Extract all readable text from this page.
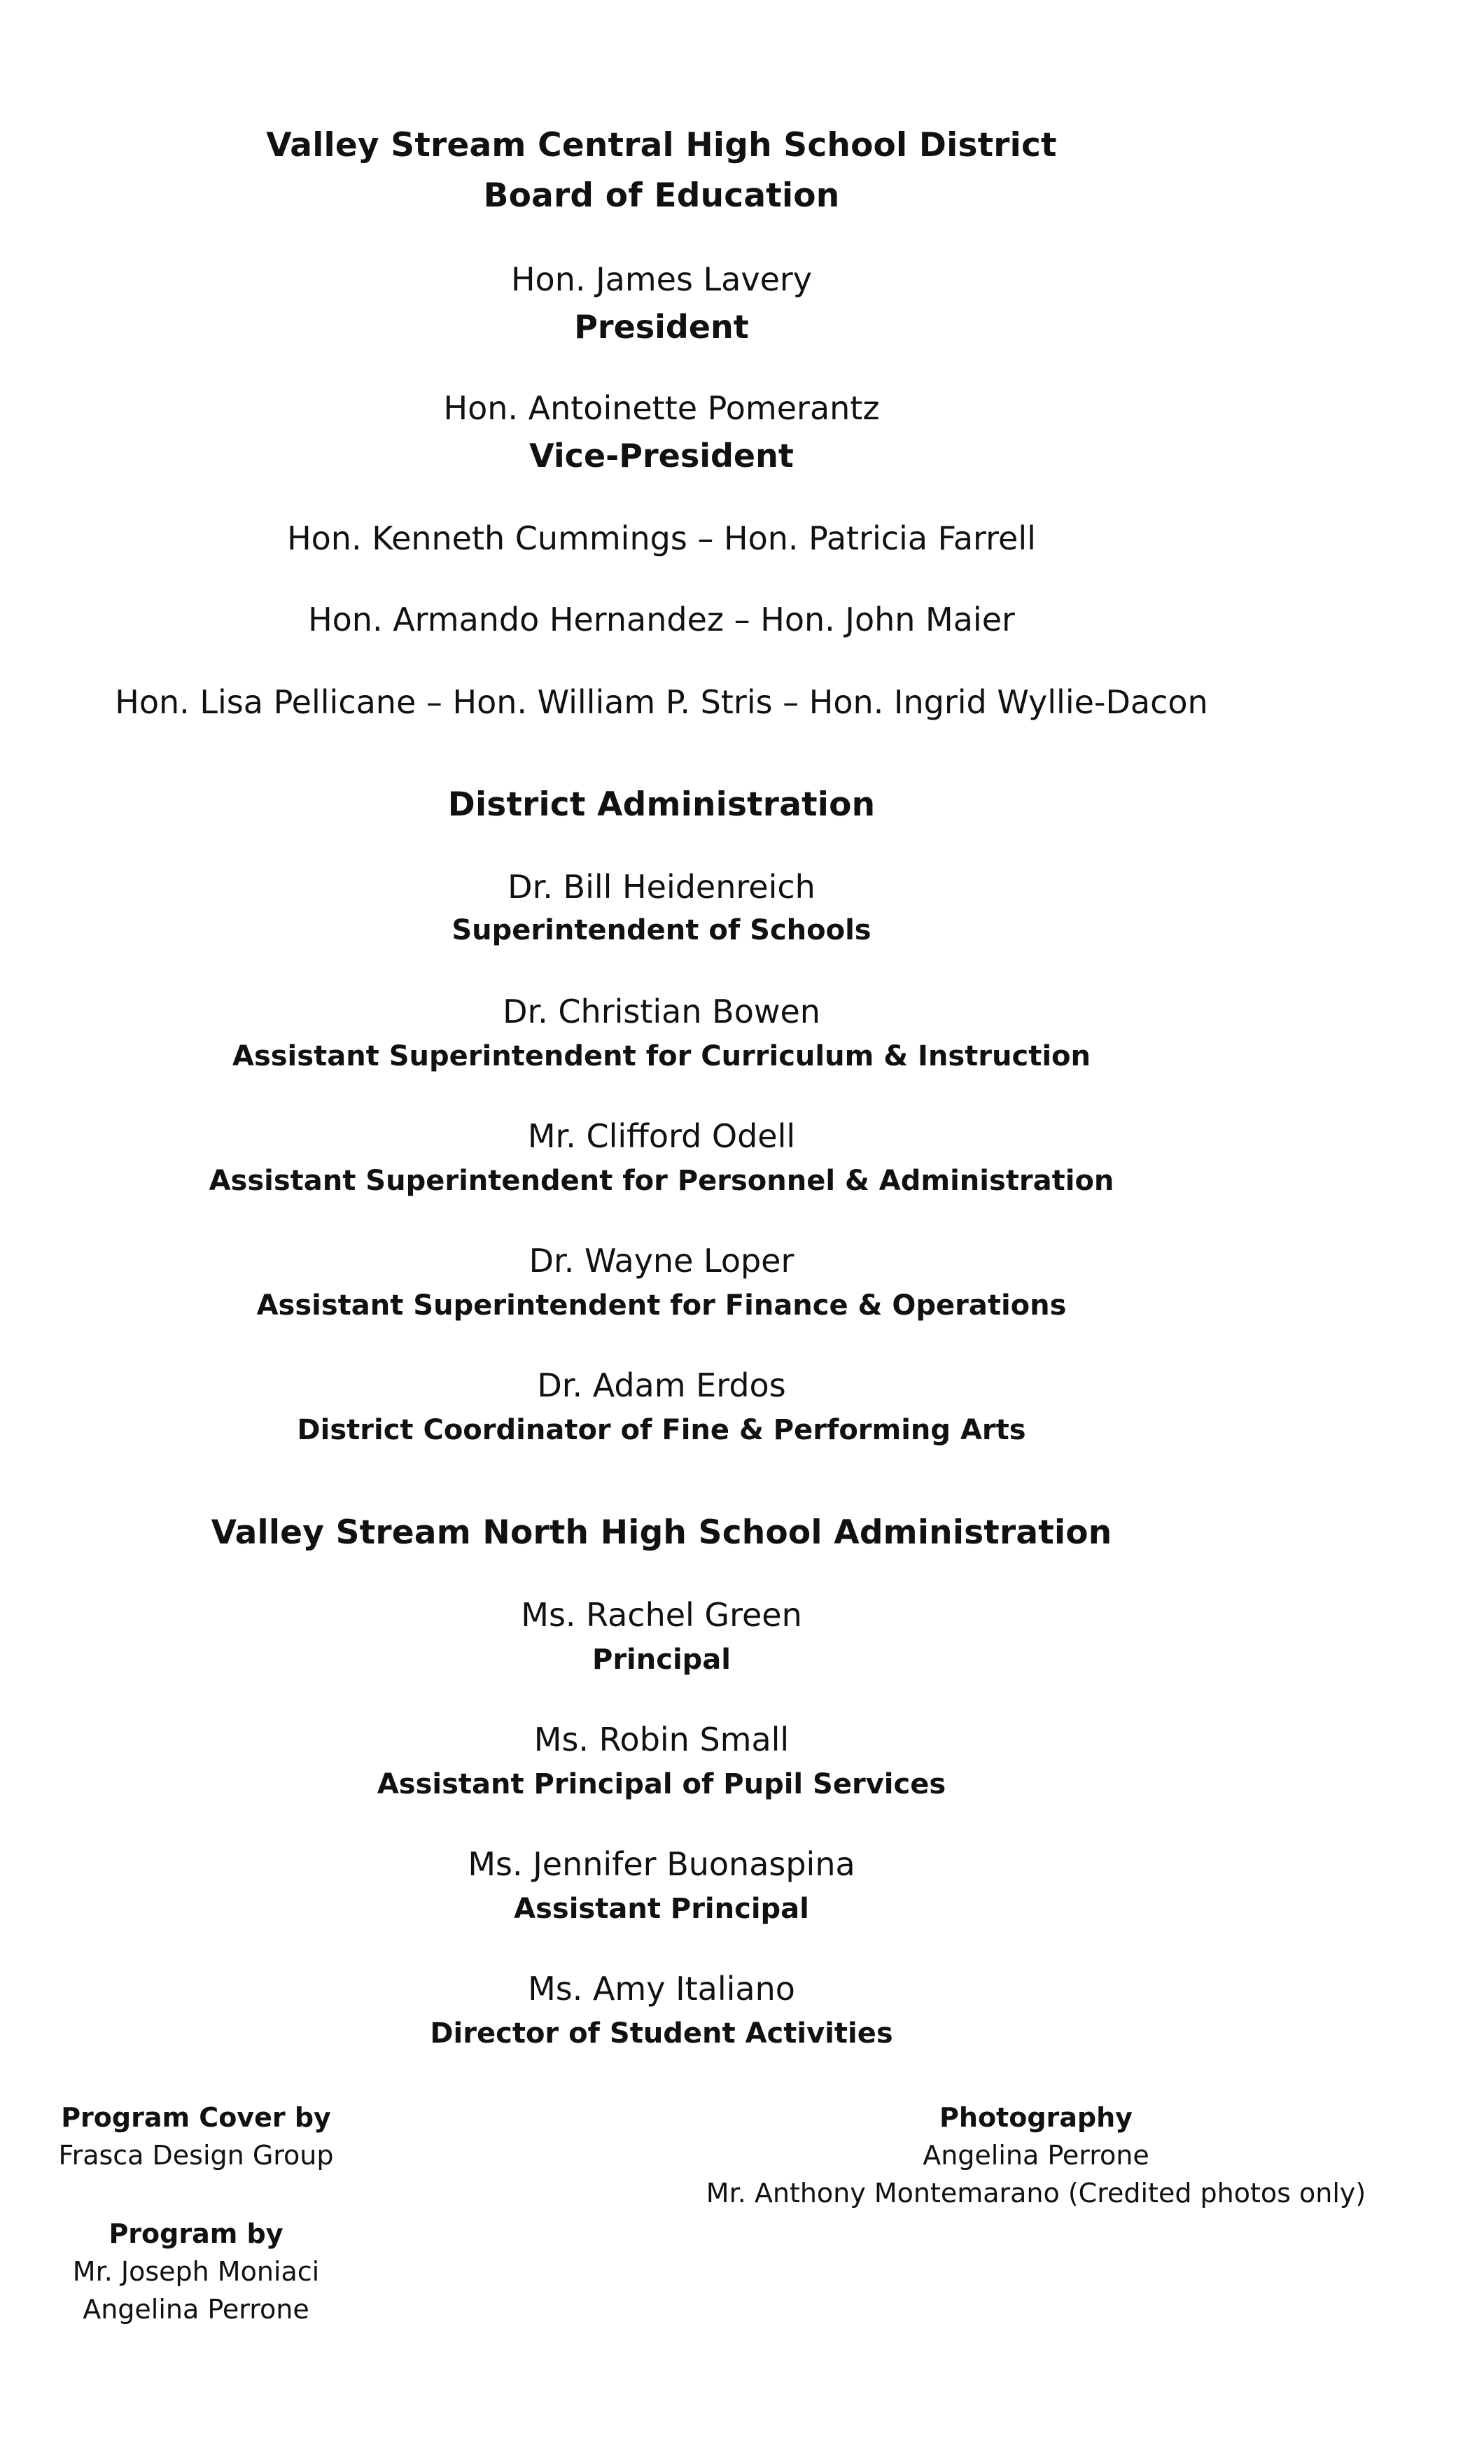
Valley Stream Central High School District
Board of Education
Hon. James Lavery
President
Hon. Antoinette Pomerantz
Vice-President
Hon. Kenneth Cummings – Hon. Patricia Farrell
Hon. Armando Hernandez – Hon. John Maier
Hon. Lisa Pellicane – Hon. William P. Stris – Hon. Ingrid Wyllie-Dacon
District Administration
Dr. Bill Heidenreich
Superintendent of Schools
Dr. Christian Bowen
Assistant Superintendent for Curriculum & Instruction
Mr. Clifford Odell
Assistant Superintendent for Personnel & Administration
Dr. Wayne Loper
Assistant Superintendent for Finance & Operations
Dr. Adam Erdos
District Coordinator of Fine & Performing Arts
Valley Stream North High School Administration
Ms. Rachel Green
Principal
Ms. Robin Small
Assistant Principal of Pupil Services
Ms. Jennifer Buonaspina
Assistant Principal
Ms. Amy Italiano
Director of Student Activities
Program Cover by
Frasca Design Group
Program by
Mr. Joseph Moniaci
Angelina Perrone
Photography
Angelina Perrone
Mr. Anthony Montemarano (Credited photos only)
